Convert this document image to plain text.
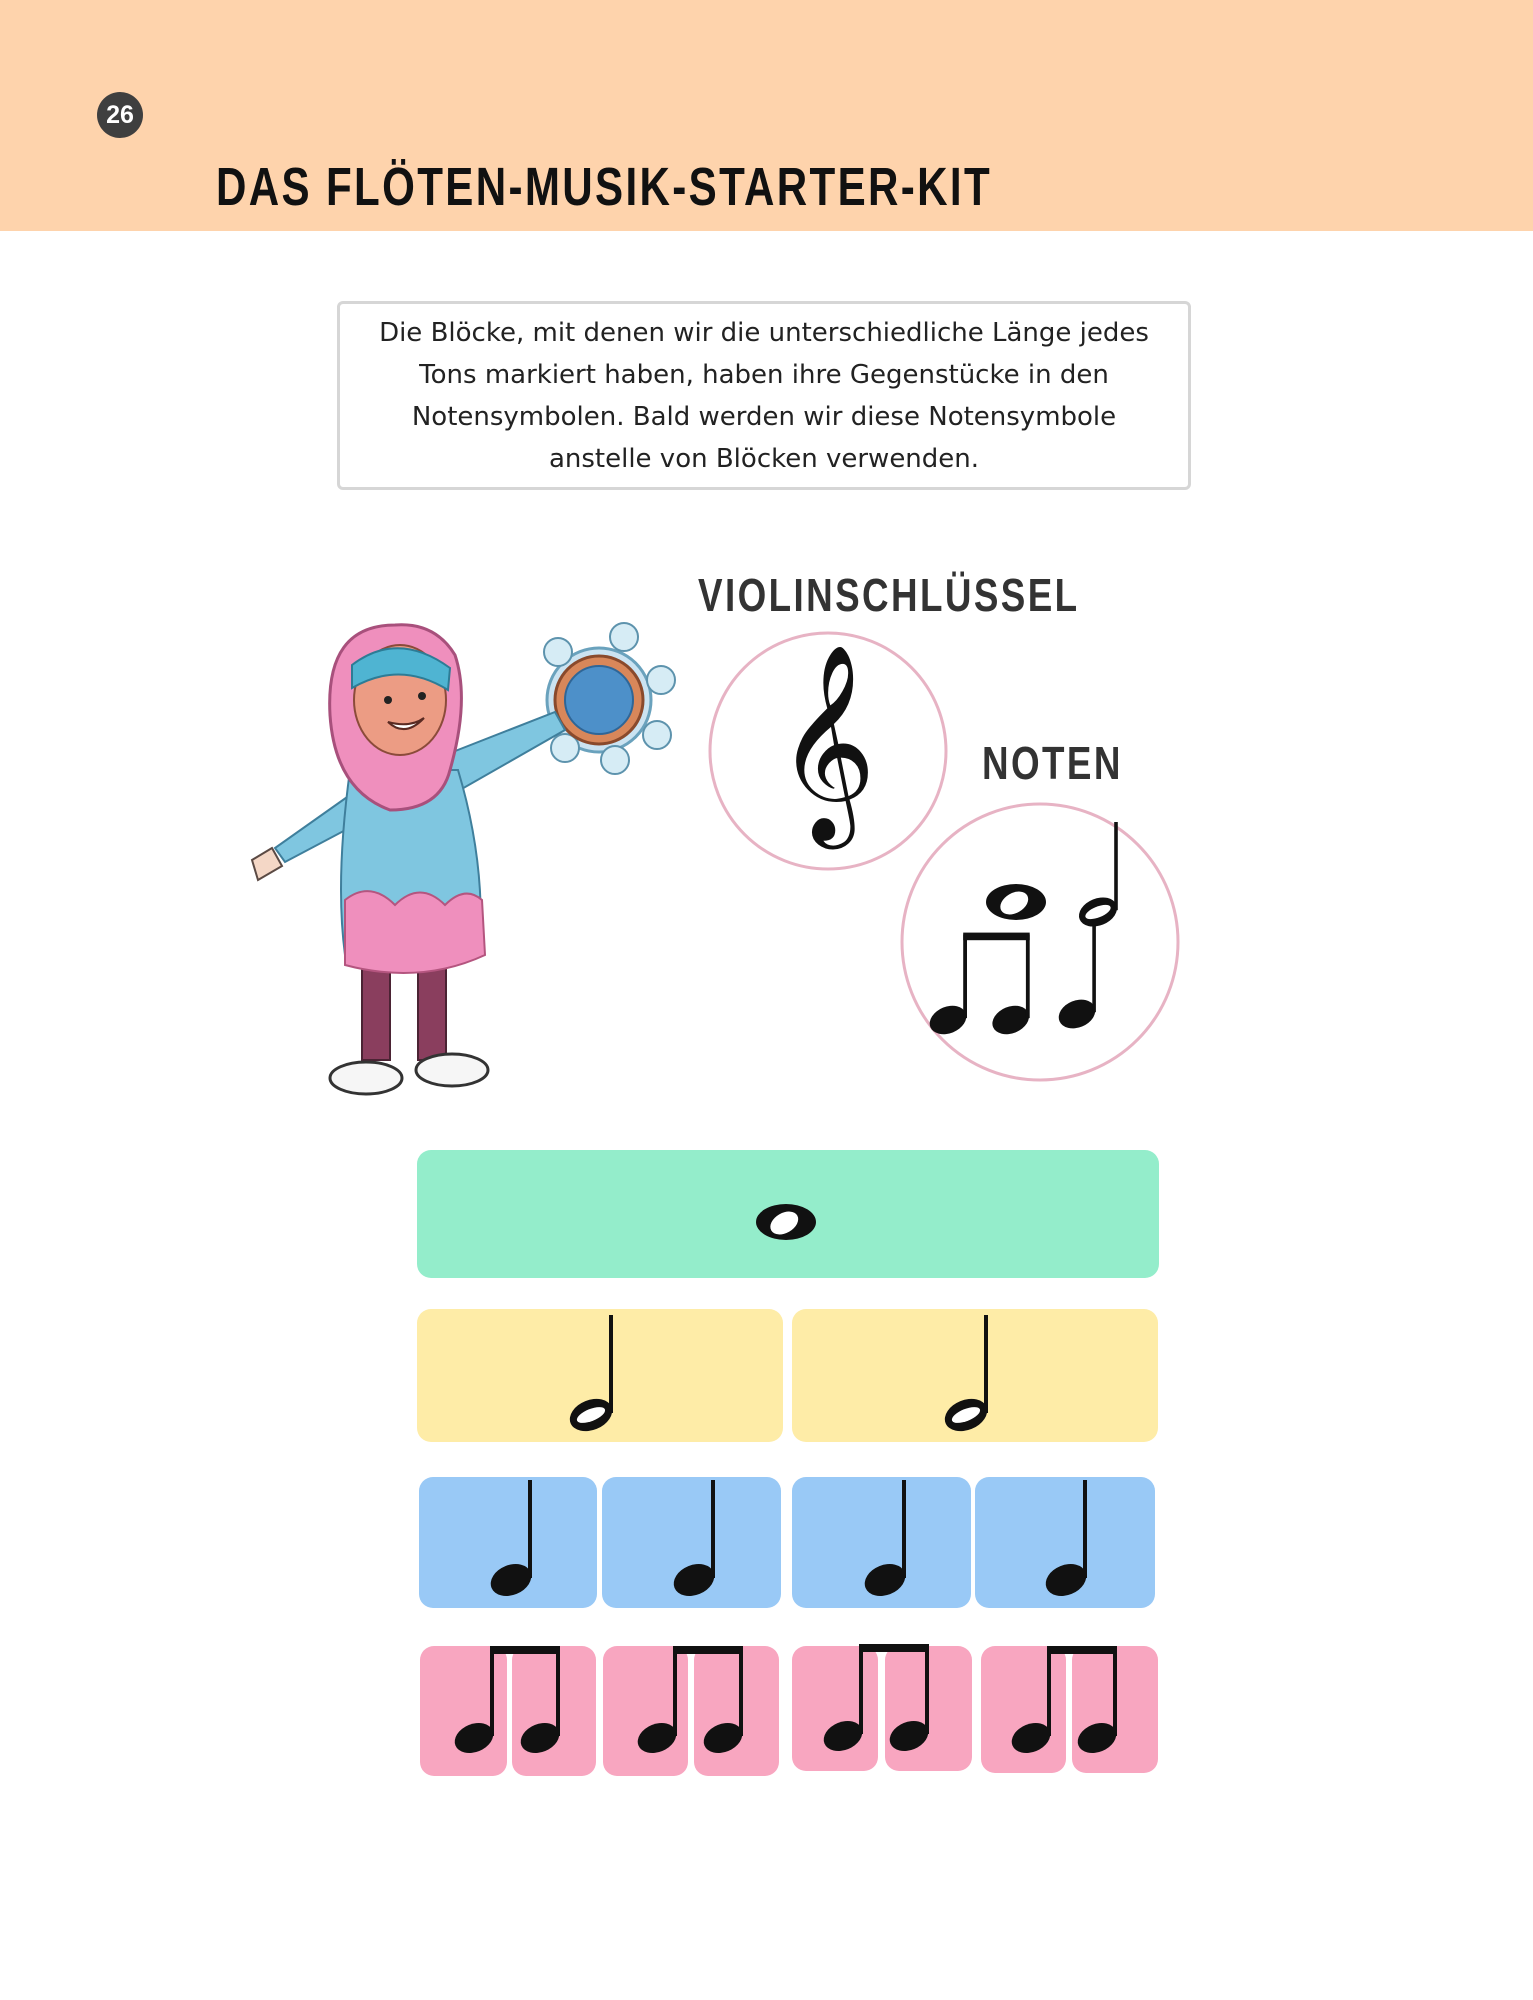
26
DAS FLÖTEN-MUSIK-STARTER-KIT
Die Blöcke, mit denen wir die unterschiedliche Länge jedes Tons markiert haben, haben ihre Gegenstücke in den Notensymbolen. Bald werden wir diese Notensymbole anstelle von Blöcken verwenden.
VIOLINSCHLÜSSEL
NOTEN
𝄞
